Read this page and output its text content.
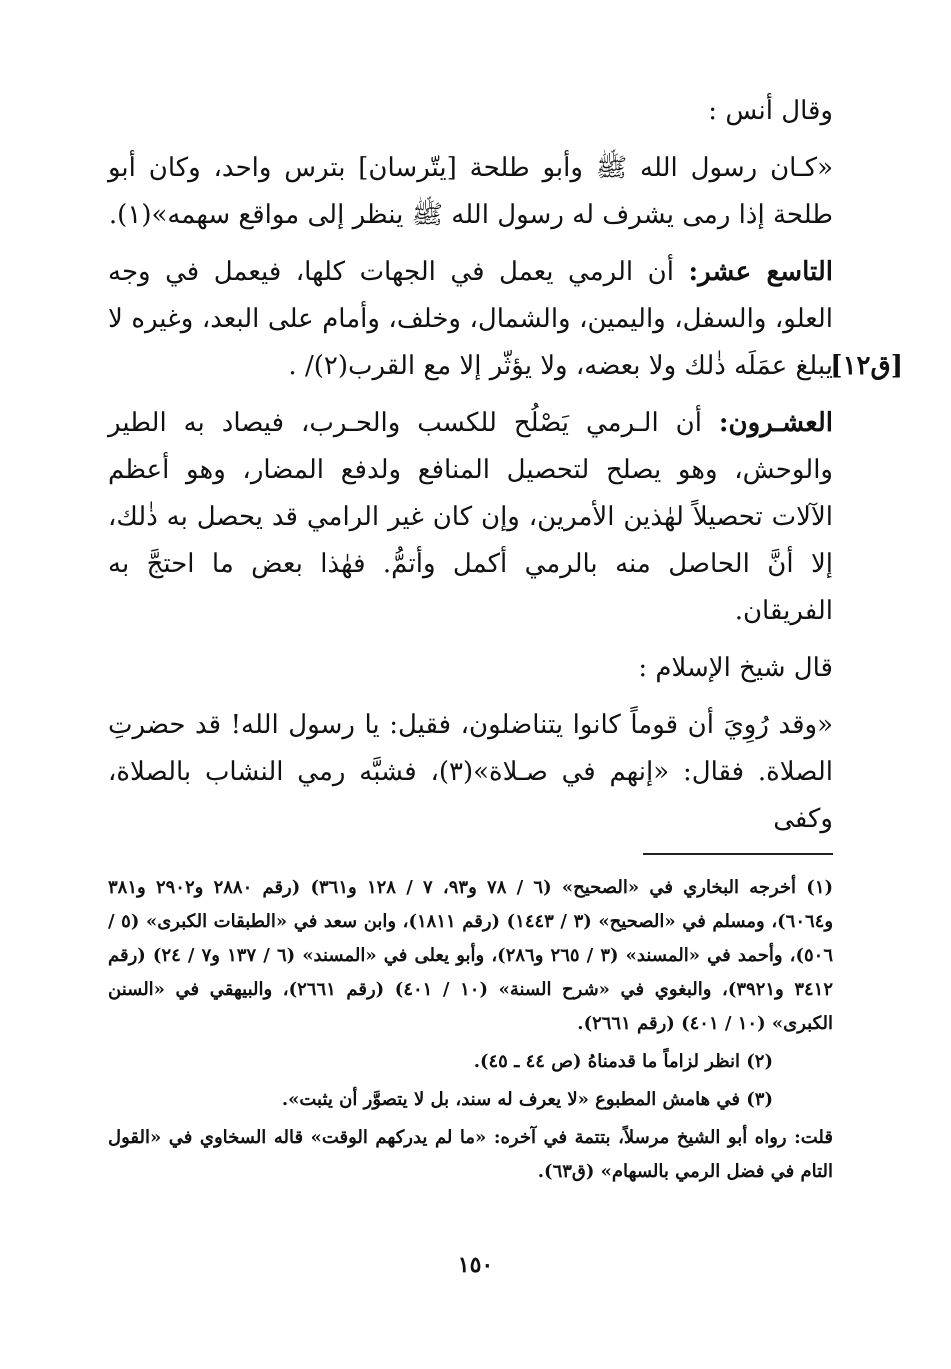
وقال أنس :

«كـان رسول الله ﷺ وأبو طلحة [يتّرسان] بترس واحد، وكان أبو طلحة إذا رمى يشرف له رسول الله ﷺ ينظر إلى مواقع سهمه»(١).

التاسع عشر: أن الرمي يعمل في الجهات كلها، فيعمل في وجه العلو، والسفل، واليمين، والشمال، وخلف، وأمام على البعد، وغيره لا يبلغ عمَلَه ذٰلك ولا بعضه، ولا يؤثّر إلا مع القرب(٢)/ .
[ق١٢]

العشـرون: أن الـرمي يَصْلُح للكسب والحـرب، فيصاد به الطير والوحش، وهو يصلح لتحصيل المنافع ولدفع المضار، وهو أعظم الآلات تحصيلاً لهٰذين الأمرين، وإن كان غير الرامي قد يحصل به ذٰلك، إلا أنَّ الحاصل منه بالرمي أكمل وأتمُّ. فهٰذا بعض ما احتجَّ به الفريقان.

قال شيخ الإسلام :

«وقد رُوِيَ أن قوماً كانوا يتناضلون، فقيل: يا رسول الله! قد حضرتِ الصلاة. فقال: «إنهم في صـلاة»(٣)، فشبَّه رمي النشاب بالصلاة، وكفى

(١) أخرجه البخاري في «الصحيح» (٦ / ٧٨ و٩٣، ٧ / ١٢٨ و٣٦١) (رقم ٢٨٨٠ و٢٩٠٢ و٣٨١ و٦٠٦٤)، ومسلم في «الصحيح» (٣ / ١٤٤٣) (رقم ١٨١١)، وابن سعد في «الطبقات الكبرى» (٥ / ٥٠٦)، وأحمد في «المسند» (٣ / ٢٦٥ و٢٨٦)، وأبو يعلى في «المسند» (٦ / ١٣٧ و٧ / ٢٤) (رقم ٣٤١٢ و٣٩٢١)، والبغوي في «شرح السنة» (١٠ / ٤٠١) (رقم ٢٦٦١)، والبيهقي في «السنن الكبرى» (١٠ / ٤٠١) (رقم ٢٦٦١).

(٢) انظر لزاماً ما قدمناهُ (ص ٤٤ ـ ٤٥).

(٣) في هامش المطبوع «لا يعرف له سند، بل لا يتصوَّر أن يثبت».

قلت: رواه أبو الشيخ مرسلاً، بتتمة في آخره: «ما لم يدركهم الوقت» قاله السخاوي في «القول التام في فضل الرمي بالسهام» (ق٦٣).

١٥٠
